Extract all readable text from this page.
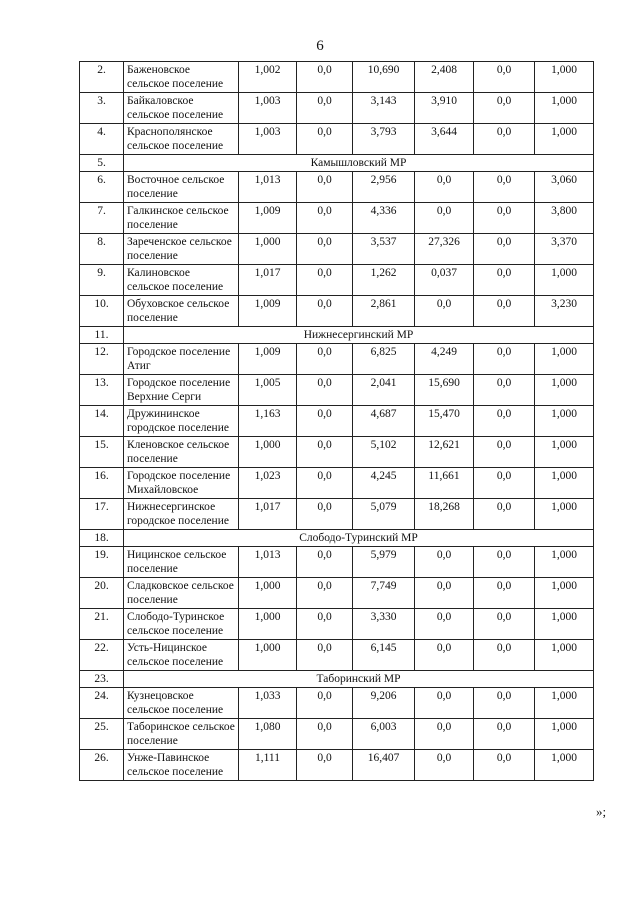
6
2.	Баженовское сельское поселение	1,002	0,0	10,690	2,408	0,0	1,000
3.	Байкаловское сельское поселение	1,003	0,0	3,143	3,910	0,0	1,000
4.	Краснополянское сельское поселение	1,003	0,0	3,793	3,644	0,0	1,000
5.	Камышловский МР						
6.	Восточное сельское поселение	1,013	0,0	2,956	0,0	0,0	3,060
7.	Галкинское сельское поселение	1,009	0,0	4,336	0,0	0,0	3,800
8.	Зареченское сельское поселение	1,000	0,0	3,537	27,326	0,0	3,370
9.	Калиновское сельское поселение	1,017	0,0	1,262	0,037	0,0	1,000
10.	Обуховское сельское поселение	1,009	0,0	2,861	0,0	0,0	3,230
11.	Нижнесергинский МР						
12.	Городское поселение Атиг	1,009	0,0	6,825	4,249	0,0	1,000
13.	Городское поселение Верхние Серги	1,005	0,0	2,041	15,690	0,0	1,000
14.	Дружининское городское поселение	1,163	0,0	4,687	15,470	0,0	1,000
15.	Кленовское сельское поселение	1,000	0,0	5,102	12,621	0,0	1,000
16.	Городское поселение Михайловское	1,023	0,0	4,245	11,661	0,0	1,000
17.	Нижнесергинское городское поселение	1,017	0,0	5,079	18,268	0,0	1,000
18.	Слободо-Туринский МР						
19.	Ницинское сельское поселение	1,013	0,0	5,979	0,0	0,0	1,000
20.	Сладковское сельское поселение	1,000	0,0	7,749	0,0	0,0	1,000
21.	Слободо-Туринское сельское поселение	1,000	0,0	3,330	0,0	0,0	1,000
22.	Усть-Ницинское сельское поселение	1,000	0,0	6,145	0,0	0,0	1,000
23.	Таборинский МР						
24.	Кузнецовское сельское поселение	1,033	0,0	9,206	0,0	0,0	1,000
25.	Таборинское сельское поселение	1,080	0,0	6,003	0,0	0,0	1,000
26.	Унже-Павинское сельское поселение	1,111	0,0	16,407	0,0	0,0	1,000
»;
